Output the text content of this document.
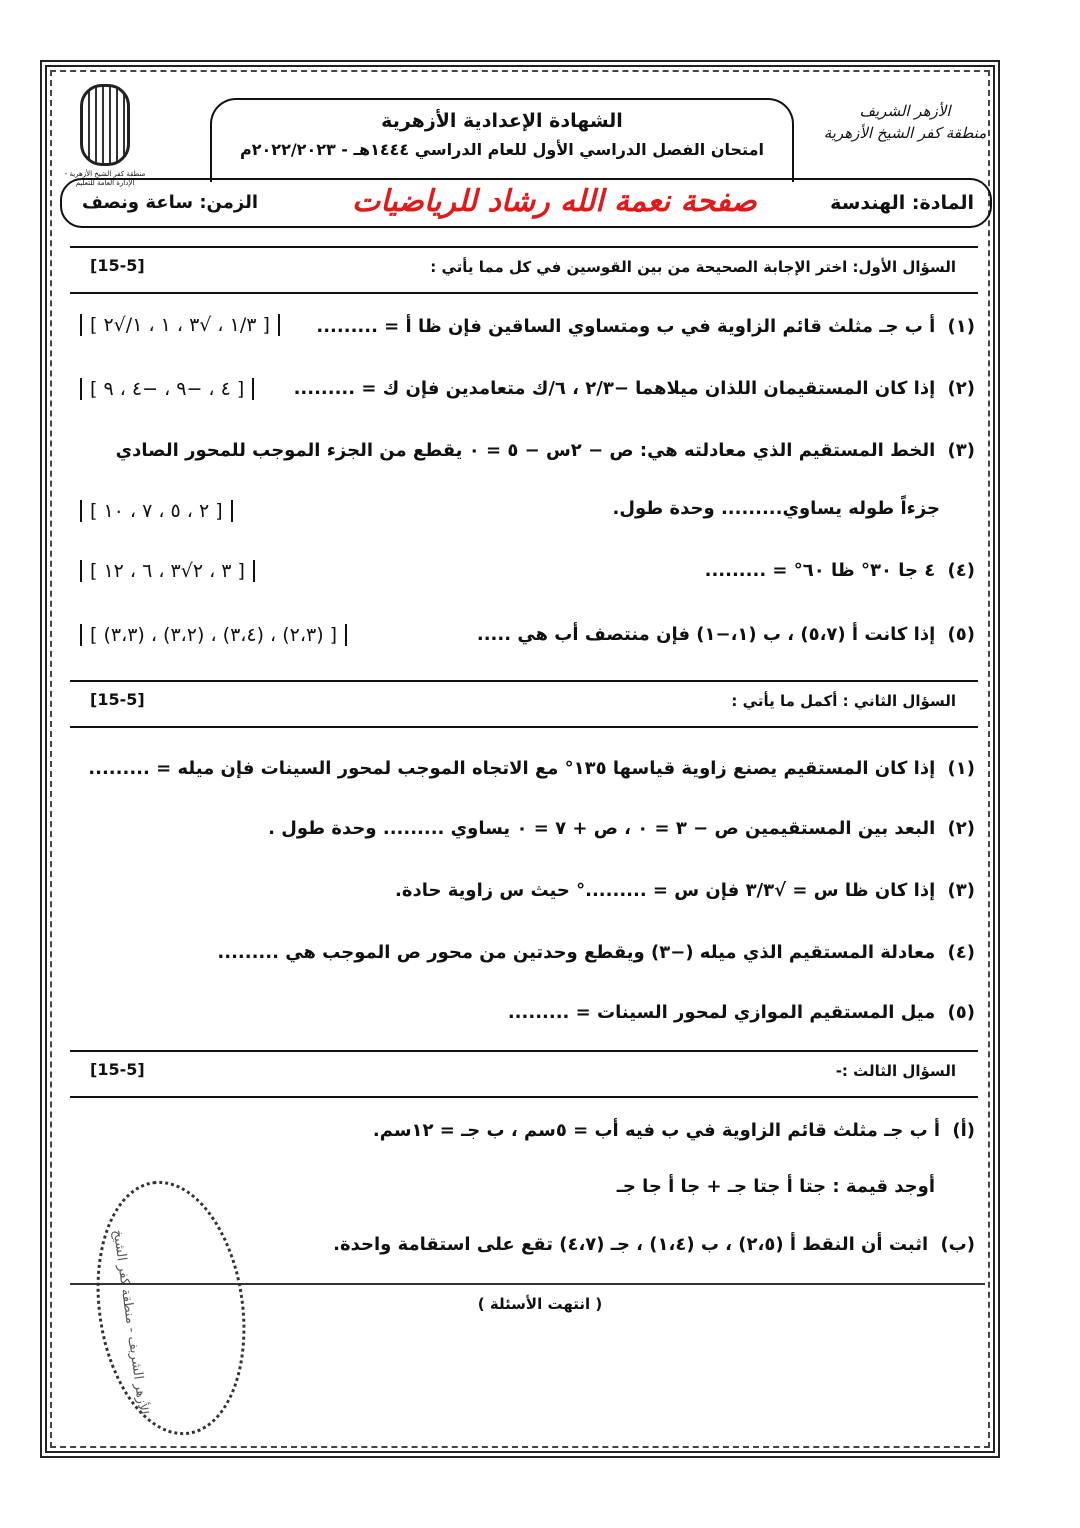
منطقة كفر الشيخ الأزهرية - الإدارة العامة للتعليم
الأزهر الشريف
منطقة كفر الشيخ الأزهرية
الشهادة الإعدادية الأزهرية
امتحان الفصل الدراسي الأول للعام الدراسي ١٤٤٤هـ - ٢٠٢٢/٢٠٢٣م
المادة: الهندسة
صفحة نعمة الله رشاد للرياضيات
الزمن: ساعة ونصف
السؤال الأول: اختر الإجابة الصحيحة من بين القوسين في كل مما يأتي :
[15-5]
(١) أ ب جـ مثلث قائم الزاوية في ب ومتساوي الساقين فإن ظا أ = .........
[ ١/٣ ، √٣ ، ١ ، ١/√٢ ]
(٢) إذا كان المستقيمان اللذان ميلاهما −٢/٣ ، ٦/ك متعامدين فإن ك = .........
[ ٤ ، −٩ ، −٤ ، ٩ ]
(٣) الخط المستقيم الذي معادلته هي: ص − ٢س − ٥ = ٠ يقطع من الجزء الموجب للمحور الصادي
جزءاً طوله يساوي......... وحدة طول.
[ ٢ ، ٥ ، ٧ ، ١٠ ]
(٤) ٤ جا ٣٠° ظا ٦٠° = .........
[ ٣ ، ٢√٣ ، ٦ ، ١٢ ]
(٥) إذا كانت أ (٥،٧) ، ب (١،−١) فإن منتصف أب هي .....
[ (٢،٣) ، (٣،٤) ، (٣،٢) ، (٣،٣) ]
السؤال الثاني : أكمل ما يأتي :
[15-5]
(١) إذا كان المستقيم يصنع زاوية قياسها ١٣٥° مع الاتجاه الموجب لمحور السينات فإن ميله = .........
(٢) البعد بين المستقيمين ص − ٣ = ٠ ، ص + ٧ = ٠ يساوي ......... وحدة طول .
(٣) إذا كان ظا س = √٣/٣ فإن س = .........° حيث س زاوية حادة.
(٤) معادلة المستقيم الذي ميله (−٣) ويقطع وحدتين من محور ص الموجب هي .........
(٥) ميل المستقيم الموازي لمحور السينات = .........
السؤال الثالث :-
[15-5]
(أ) أ ب جـ مثلث قائم الزاوية في ب فيه أب = ٥سم ، ب جـ = ١٢سم.
أوجد قيمة : جتا أ جتا جـ + جا أ جا جـ
(ب) اثبت أن النقط أ (٢،٥) ، ب (١،٤) ، جـ (٤،٧) تقع على استقامة واحدة.
الأزهر الشريف - منطقة كفر الشيخ	( انتهت الأسئلة )
